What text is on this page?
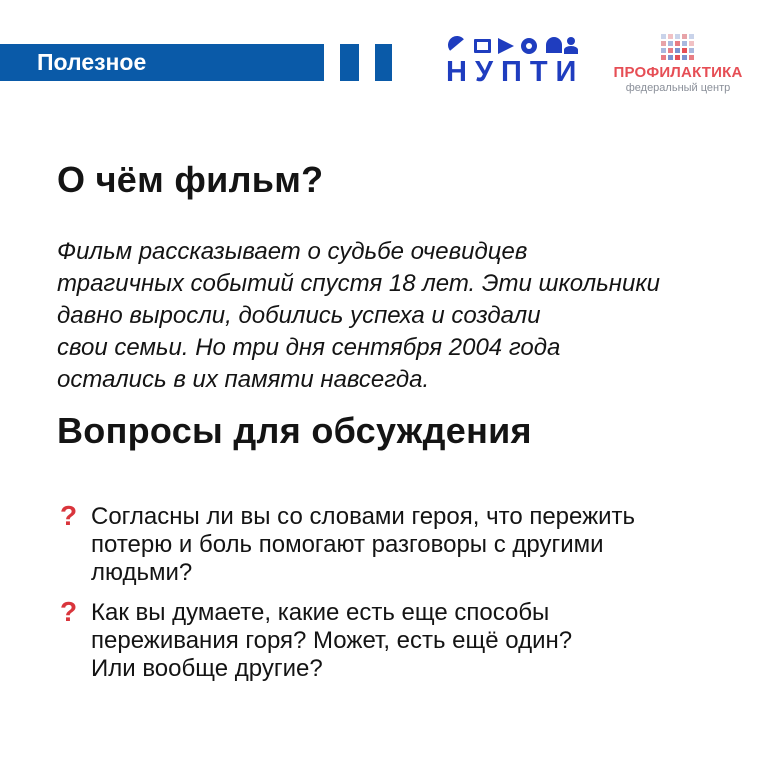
Полезное	НУПТИ	ПРОФИЛАКТИКА
федеральный центр
О чём фильм?
Фильм рассказывает о судьбе очевидцев
трагичных событий спустя 18 лет. Эти школьники
давно выросли, добились успеха и создали
свои семьи. Но три дня сентября 2004 года
остались в их памяти навсегда.
Вопросы для обсуждения
? Согласны ли вы со словами героя, что пережить
потерю и боль помогают разговоры с другими
людьми?
? Как вы думаете, какие есть еще способы
переживания горя? Может, есть ещё один?
Или вообще другие?
